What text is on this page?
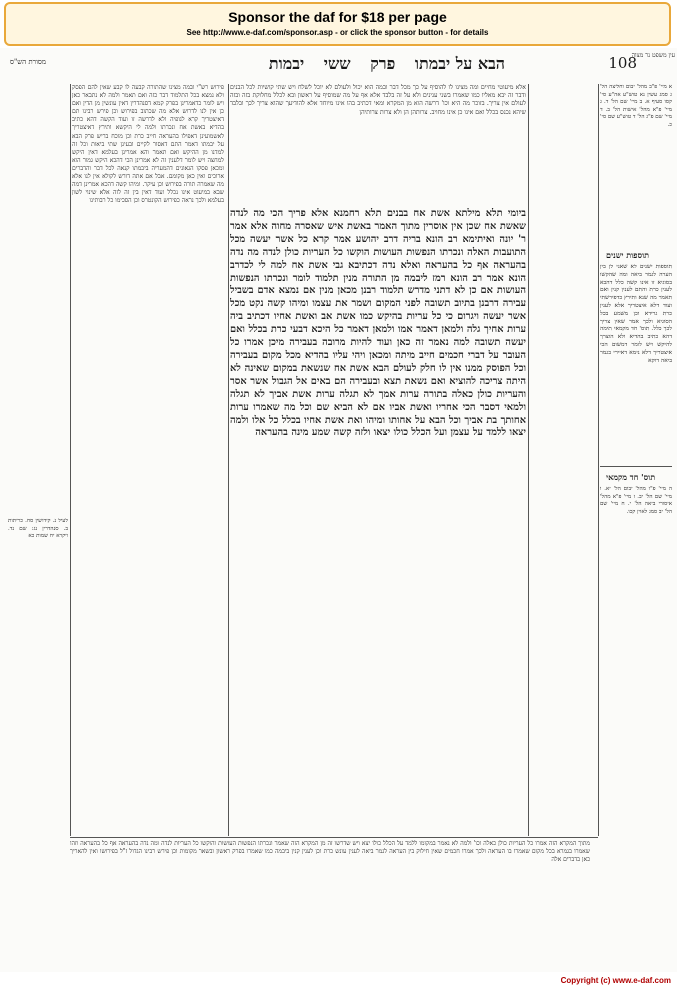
Sponsor the daf for $18 per page
See http://www.e-daf.com/sponsor.asp - or click the sponsor button - for details
עין משפט נר מצוה
108
הבא על יבמתו פרק ששי יבמות
מסורת הש"ס
א מיי' פ"ב מהל' יבום וחליצה הל' ג סמג עשין נא טוש"ע אה"ע סי' קסו סעיף א. ב מיי' שם הל' ד. ג מיי' פ"א מהל' אישות הל' ב. ד מיי' שם פ"ג הל' ד טוש"ע שם סי' כ.
תוספות ישנים
תוספות ישנים לא שאני לן בין הערה לגמר ביאה ומה שהקשו בסוגיא זו אינו קשה כלל דהכא לענין כרת והתם לענין קנין ואם תאמר מה שנא ותירץ כדפירשתי ועוד דלא איצטריך אלא לענין כרת גרידא וכן משמע בכל הסוגיא ולכך אמר שאין צריך לכך כלל. תוס' חד מקמאי תימה דהא כתיב בהדיא ולא הוצרך להיקש ויש לומר דמשום הכי איצטריך דלא נימא דאיירי בגמר ביאה דוקא
תוס' חד מקמאי
ה מיי' פ"ו מהל' יבום הל' יא. ו מיי' שם הל' יב. ז מיי' פ"א מהל' איסורי ביאה הל' י. ח מיי' שם הל' יב סמג לאוין קכו.
אלא מיעוטי מחיים ומה מצינו לו להוסיף על כך מכל דבר ובמה הוא יכול ולעולם לא יוכל לשלח ויש שתי קושיות לכל הבנים ודבר זה יבא מאליו כמו שאמרו בשני ענינים ולא על זה בלבד אלא אף על מה שמוסיף על ראשון ובא לכלל מחלוקת בזה ובזה לעולם אין צריך. בזוכר מה היא וכו' דרשה הוא מן המקרא ומאי דכתיב בהו אינו מיוחד אלא להודיעך שהוא צריך לכך ובלבד שיהא נכנס בכלל ואם אינו כן אינו מחויב. צרותהן הן ולא צרות צרותיהן
ביומי תלא מילתא אשת אח בבנים תלא רחמנא אלא פריך הכי מה לנדה שאשת אח שכן אין אוסרין מתוך האמר באשת איש שאסרה מחוה אלא אמר ר' יונה ואיתימא רב הונא בריה דרב יהושע אמר קרא כל אשר יעשה מכל התועבות האלה ונכרתו הנפשות העושות הוקשו כל העריות כולן לנדה מה נדה בהעראה אף כל בהעראה ואלא נדה דכתיבא גבי אשת אח למה לי לכדרב הונא אמר רב הונא רמז ליבמה מן התורה מנין תלמוד לומר ונכרתו הנפשות העושות אם כן לא דתני מדרש תלמוד רבנן מכאן מנין אם נמצא אדם בשביל עבירה דרבנן בתיוב תשובה לפני המקום ושמר את עצמו ומיהו קשה נקט מכל אשר יעשה ויגרום כי כל עריות בהיקש כמו אשת אב ואשת אחיו דכתיב ביה ערות אחיך גלה ולמאן דאמר אמו ולמאן דאמר כל היכא דבעי כרת בכלל ואם יעשה תשובה למה נאמר זה כאן ועוד להיות מרובה בעבירה מיכן אמרו כל העובר על דברי חכמים חייב מיתה ומכאן ויהי עליו בהדיא מכל מקום בעבירה וכל הפוסק ממנו אין לו חלק לעולם הבא אשת אח שנשאת במקום שאינה לא היתה צריכה להוציא ואם נשאת תצא ובעבירה הם באים אל הגבול אשר אסר והעריות כולן כאלה בתורה ערות אמך לא תגלה ערות אשת אביך לא תגלה ולמאי דסבר הכי אחריו ואשת אביו אם לא הביא שם וכל מה שאמרו ערות אחותך בת אביך וכל הבא על אחותו ומיהו ואת אשת אחיו בכלל כל אלו ולמה יצאו ללמד על עצמן ועל הכלל כולו יצאו ולזה קשה שמע מינה בהעראה
פירוש רש"י ובמה מצינו שהתורה קבעה לו קבע שאין להם הפסק ולא נמצא בכל התלמוד דבר כזה ואם תאמר ולמה לא נתבאר כאן ויש לומר כדאמרינן בפרק קמא דסנהדרין דאין עונשין מן הדין ואם כן אין לנו לדרוש אלא מה שכתוב בפירוש וכן פירש רבינו תם דאיצטריך קרא לגופיה ולא לדרשה זו ועוד הקשה דהא כתיב בהדיא באשת אח ונכרתו ולמה לי היקשא ותירץ דאיצטריך לאשמועינן דאפילו בהעראה חייב כרת וכן מוכח בריש פרק הבא על יבמתו דאמר התם דאסור לקיים ובעינן שתי ביאות וכל זה למדנו מן ההיקש ואם תאמר והא אמרינן בעלמא דאין היקש למחצה ויש לומר דלענין זה לא אמרינן הכי דהכא היקש גמור הוא ומכאן פסקו הגאונים דהמעריה ביבמתו קנאה לכל דבר והדברים ארוכים ואין כאן מקומם. אבל אם אתה דורש לקולא אין לנו אלא מה שאמרה תורה בפירוש וכן עיקר. ומיהו קשה דהכא אמרינן דמה שבא במיעוט אינו נכלל ועוד דאין בין זה לזה אלא שינוי לשון בעלמא ולכך נראה כפירוש הקונטרס וכן הסכימו כל רבותינו
לעיל נ. קידושין סח. כריתות ב. סנהדרין נג: שם נד. ויקרא יח שמות כא
מתוך המקרא הזה אמרו כל העריות כולן כאלה וכו' ולמה לא נאמר במקומו ללמד על הכלל כולו יצא ויש שדרשו זה מן המקרא הזה שאמר ונכרתו הנפשות העושות והוקשו כל העריות לנדה ומה נדה בהעראה אף כל בהעראה וזהו שאמרו בגמרא בכל מקום שאמרו בו העראה ולכך אמרו חכמים שאין חילוק בין העראה לגמר ביאה לענין עונש כרת וכן לענין קנין ביבמה כמו שאמרו בפרק ראשון ובשאר מקומות וכן פירש רבינו הגדול ז"ל בפירושו ואין להאריך כאן בדברים אלה
Copyright (c) www.e-daf.com
